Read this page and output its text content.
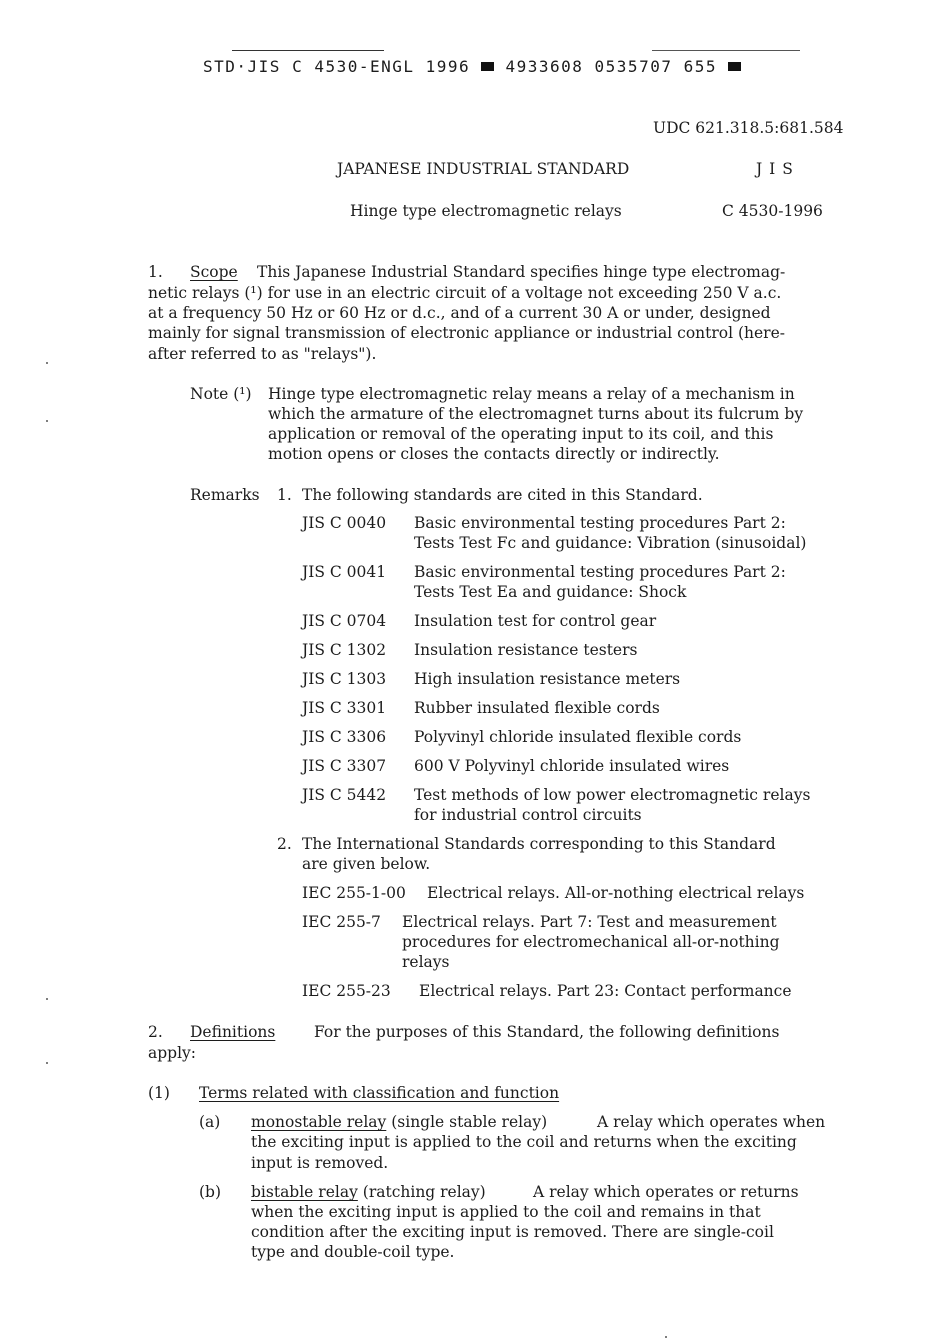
STD·JIS C 4530-ENGL 1996 4933608 0535707 655
UDC 621.318.5:681.584
JAPANESE INDUSTRIAL STANDARD	J I S
Hinge type electromagnetic relays	C 4530-1996
1. Scope This Japanese Industrial Standard specifies hinge type electromag-
netic relays (¹) for use in an electric circuit of a voltage not exceeding 250 V a.c.
at a frequency 50 Hz or 60 Hz or d.c., and of a current 30 A or under, designed
mainly for signal transmission of electronic appliance or industrial control (here-
after referred to as "relays").
Note (¹) Hinge type electromagnetic relay means a relay of a mechanism in
which the armature of the electromagnet turns about its fulcrum by
application or removal of the operating input to its coil, and this
motion opens or closes the contacts directly or indirectly.
Remarks 1. The following standards are cited in this Standard.
JIS C 0040 Basic environmental testing procedures Part 2:
Tests Test Fc and guidance: Vibration (sinusoidal)
JIS C 0041 Basic environmental testing procedures Part 2:
Tests Test Ea and guidance: Shock
JIS C 0704 Insulation test for control gear
JIS C 1302 Insulation resistance testers
JIS C 1303 High insulation resistance meters
JIS C 3301 Rubber insulated flexible cords
JIS C 3306 Polyvinyl chloride insulated flexible cords
JIS C 3307 600 V Polyvinyl chloride insulated wires
JIS C 5442 Test methods of low power electromagnetic relays
for industrial control circuits
2. The International Standards corresponding to this Standard
are given below.
IEC 255-1-00 Electrical relays. All-or-nothing electrical relays
IEC 255-7 Electrical relays. Part 7: Test and measurement
procedures for electromechanical all-or-nothing
relays
IEC 255-23 Electrical relays. Part 23: Contact performance
2. Definitions For the purposes of this Standard, the following definitions
apply:
(1) Terms related with classification and function
(a) monostable relay (single stable relay)	A relay which operates when
the exciting input is applied to the coil and returns when the exciting
input is removed.
(b) bistable relay (ratching relay)	A relay which operates or returns
when the exciting input is applied to the coil and remains in that
condition after the exciting input is removed. There are single-coil
type and double-coil type.
